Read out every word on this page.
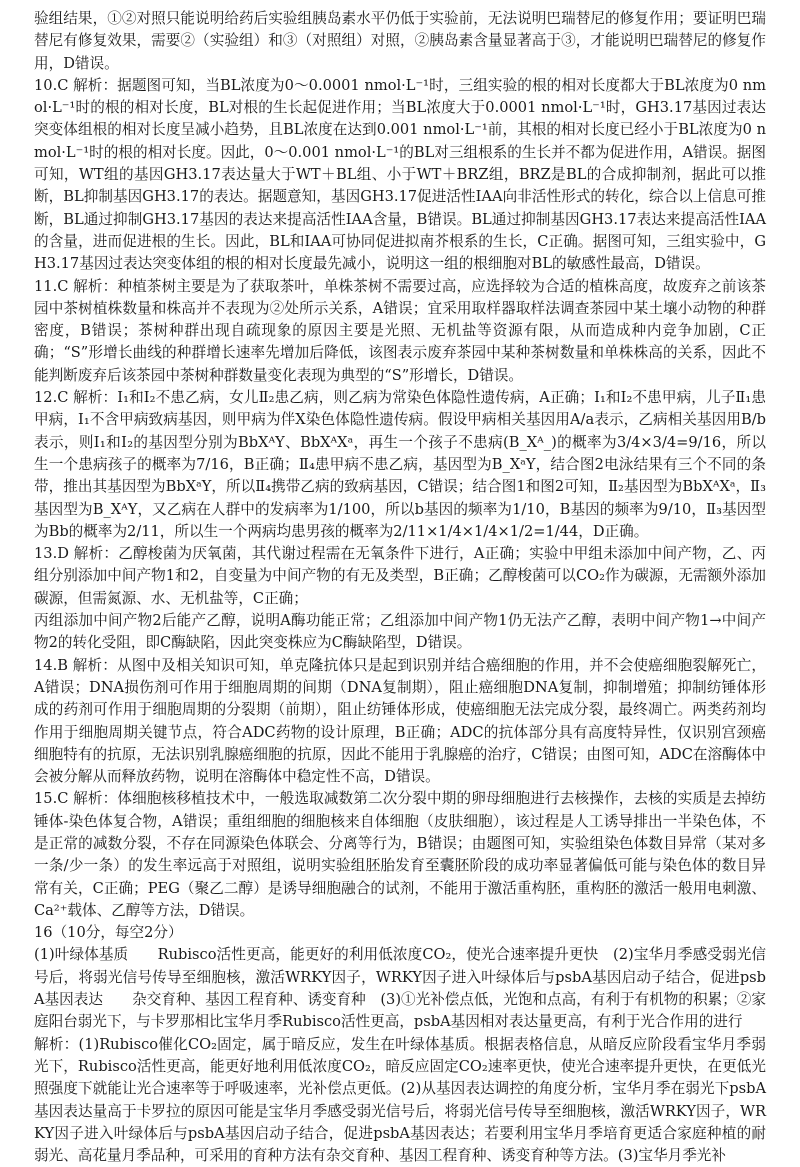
验组结果，①②对照只能说明给药后实验组胰岛素水平仍低于实验前，无法说明巴瑞替尼的修复作用；要证明巴瑞替尼有修复效果，需要②（实验组）和③（对照组）对照，②胰岛素含量显著高于③，才能说明巴瑞替尼的修复作用，D错误。

10.C 解析：据题图可知，当BL浓度为0～0.0001 nmol·L⁻¹时，三组实验的根的相对长度都大于BL浓度为0 nmol·L⁻¹时的根的相对长度，BL对根的生长起促进作用；当BL浓度大于0.0001 nmol·L⁻¹时，GH3.17基因过表达突变体组根的相对长度呈减小趋势，且BL浓度在达到0.001 nmol·L⁻¹前，其根的相对长度已经小于BL浓度为0 nmol·L⁻¹时的根的相对长度。因此，0～0.001 nmol·L⁻¹的BL对三组根系的生长并不都为促进作用，A错误。据图可知，WT组的基因GH3.17表达量大于WT＋BL组、小于WT＋BRZ组，BRZ是BL的合成抑制剂，据此可以推断，BL抑制基因GH3.17的表达。据题意知，基因GH3.17促进活性IAA向非活性形式的转化，综合以上信息可推断，BL通过抑制GH3.17基因的表达来提高活性IAA含量，B错误。BL通过抑制基因GH3.17表达来提高活性IAA的含量，进而促进根的生长。因此，BL和IAA可协同促进拟南芥根系的生长，C正确。据图可知，三组实验中，GH3.17基因过表达突变体组的根的相对长度最先减小，说明这一组的根细胞对BL的敏感性最高，D错误。

11.C 解析：种植茶树主要是为了获取茶叶，单株茶树不需要过高，应选择较为合适的植株高度，故废弃之前该茶园中茶树植株数量和株高并不表现为②处所示关系，A错误；宜采用取样器取样法调查茶园中某土壤小动物的种群密度，B错误；茶树种群出现自疏现象的原因主要是光照、无机盐等资源有限，从而造成种内竞争加剧，C正确；“S”形增长曲线的种群增长速率先增加后降低，该图表示废弃茶园中某种茶树数量和单株株高的关系，因此不能判断废弃后该茶园中茶树种群数量变化表现为典型的“S”形增长，D错误。

12.C 解析：Ⅰ₁和Ⅰ₂不患乙病，女儿Ⅱ₂患乙病，则乙病为常染色体隐性遗传病，A正确；Ⅰ₁和Ⅰ₂不患甲病，儿子Ⅱ₁患甲病，Ⅰ₁不含甲病致病基因，则甲病为伴X染色体隐性遗传病。假设甲病相关基因用A/a表示，乙病相关基因用B/b表示，则Ⅰ₁和Ⅰ₂的基因型分别为BbXᴬY、BbXᴬXᵃ，再生一个孩子不患病(B_Xᴬ_)的概率为3/4×3/4=9/16，所以生一个患病孩子的概率为7/16，B正确；Ⅱ₄患甲病不患乙病，基因型为B_XᵃY，结合图2电泳结果有三个不同的条带，推出其基因型为BbXᵃY，所以Ⅱ₄携带乙病的致病基因，C错误；结合图1和图2可知，Ⅱ₂基因型为BbXᴬXᵃ，Ⅱ₃基因型为B_XᴬY，又乙病在人群中的发病率为1/100，所以b基因的频率为1/10，B基因的频率为9/10，Ⅱ₃基因型为Bb的概率为2/11，所以生一个两病均患男孩的概率为2/11×1/4×1/4×1/2=1/44，D正确。

13.D 解析：乙醇梭菌为厌氧菌，其代谢过程需在无氧条件下进行，A正确；实验中甲组未添加中间产物，乙、丙组分别添加中间产物1和2，自变量为中间产物的有无及类型，B正确；乙醇梭菌可以CO₂作为碳源，无需额外添加碳源，但需氮源、水、无机盐等，C正确；

丙组添加中间产物2后能产乙醇，说明A酶功能正常；乙组添加中间产物1仍无法产乙醇，表明中间产物1→中间产物2的转化受阻，即C酶缺陷，因此突变株应为C酶缺陷型，D错误。

14.B 解析：从图中及相关知识可知，单克隆抗体只是起到识别并结合癌细胞的作用，并不会使癌细胞裂解死亡，A错误；DNA损伤剂可作用于细胞周期的间期（DNA复制期），阻止癌细胞DNA复制，抑制增殖；抑制纺锤体形成的药剂可作用于细胞周期的分裂期（前期），阻止纺锤体形成，使癌细胞无法完成分裂，最终凋亡。两类药剂均作用于细胞周期关键节点，符合ADC药物的设计原理，B正确；ADC的抗体部分具有高度特异性，仅识别宫颈癌细胞特有的抗原，无法识别乳腺癌细胞的抗原，因此不能用于乳腺癌的治疗，C错误；由图可知，ADC在溶酶体中会被分解从而释放药物，说明在溶酶体中稳定性不高，D错误。

15.C 解析：体细胞核移植技术中，一般选取减数第二次分裂中期的卵母细胞进行去核操作，去核的实质是去掉纺锤体-染色体复合物，A错误；重组细胞的细胞核来自体细胞（皮肤细胞），该过程是人工诱导排出一半染色体，不是正常的减数分裂，不存在同源染色体联会、分离等行为，B错误；由题图可知，实验组染色体数目异常（某对多一条/少一条）的发生率远高于对照组，说明实验组胚胎发育至囊胚阶段的成功率显著偏低可能与染色体的数目异常有关，C正确；PEG（聚乙二醇）是诱导细胞融合的试剂，不能用于激活重构胚，重构胚的激活一般用电刺激、Ca²⁺载体、乙醇等方法，D错误。

16（10分，每空2分）

(1)叶绿体基质　　Rubisco活性更高，能更好的利用低浓度CO₂，使光合速率提升更快　(2)宝华月季感受弱光信号后，将弱光信号传导至细胞核，激活WRKY因子，WRKY因子进入叶绿体后与psbA基因启动子结合，促进psbA基因表达　　杂交育种、基因工程育种、诱变育种　(3)①光补偿点低，光饱和点高，有利于有机物的积累；②家庭阳台弱光下，与卡罗那相比宝华月季Rubisco活性更高，psbA基因相对表达量更高，有利于光合作用的进行

解析：(1)Rubisco催化CO₂固定，属于暗反应，发生在叶绿体基质。根据表格信息，从暗反应阶段看宝华月季弱光下，Rubisco活性更高，能更好地利用低浓度CO₂，暗反应固定CO₂速率更快，使光合速率提升更快，在更低光照强度下就能让光合速率等于呼吸速率，光补偿点更低。(2)从基因表达调控的角度分析，宝华月季在弱光下psbA基因表达量高于卡罗拉的原因可能是宝华月季感受弱光信号后，将弱光信号传导至细胞核，激活WRKY因子，WRKY因子进入叶绿体后与psbA基因启动子结合，促进psbA基因表达；若要利用宝华月季培育更适合家庭种植的耐弱光、高花量月季品种，可采用的育种方法有杂交育种、基因工程育种、诱变育种等方法。(3)宝华月季光补
